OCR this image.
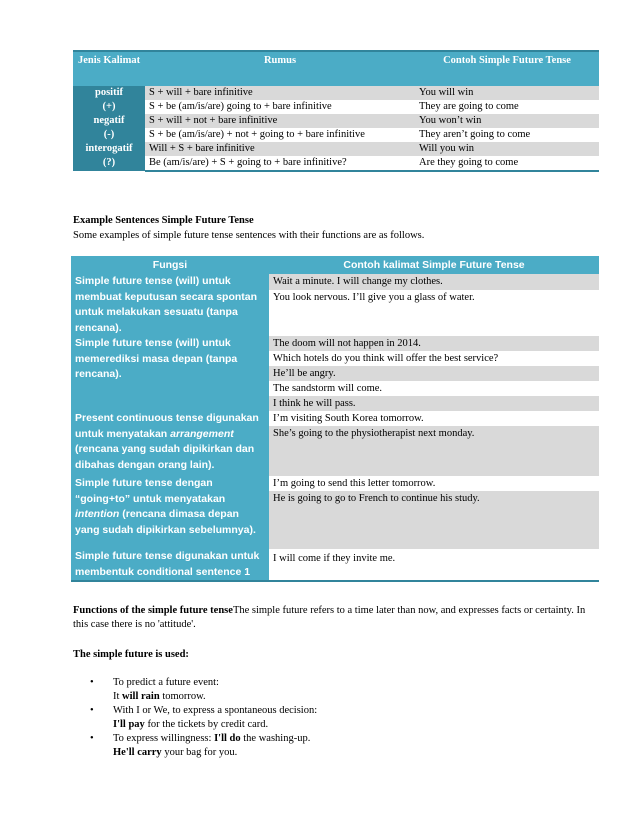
Jenis Kalimat	Rumus	Contoh Simple Future Tense
positif
(+)	S + will + bare infinitive	You will win
	S + be (am/is/are) going to + bare infinitive	They are going to come
negatif
(-)	S + will + not + bare infinitive	You won’t win
	S + be (am/is/are) + not + going to + bare infinitive	They aren’t going to come
interogatif
(?)	Will + S + bare infinitive	Will you win
	Be (am/is/are) + S + going to + bare infinitive?	Are they going to come
Example Sentences Simple Future Tense
Some examples of simple future tense sentences with their functions are as follows.
Fungsi	Contoh kalimat Simple Future Tense
Simple future tense (will) untuk membuat keputusan secara spontan untuk melakukan sesuatu (tanpa rencana).	Wait a minute. I will change my clothes.
	You look nervous. I’ll give you a glass of water.
Simple future tense (will) untuk memerediksi masa depan (tanpa rencana).	The doom will not happen in 2014.
	Which hotels do you think will offer the best service?
	He’ll be angry.
	The sandstorm will come.
	I think he will pass.
Present continuous tense digunakan untuk menyatakan arrangement (rencana yang sudah dipikirkan dan dibahas dengan orang lain).	I’m visiting South Korea tomorrow.
	She’s going to the physiotherapist next monday.
Simple future tense dengan “going+to” untuk menyatakan intention (rencana dimasa depan yang sudah dipikirkan sebelumnya).	I’m going to send this letter tomorrow.
	He is going to go to French to continue his study.
Simple future tense digunakan untuk membentuk conditional sentence 1	I will come if they invite me.
Functions of the simple future tenseThe simple future refers to a time later than now, and expresses facts or certainty. In this case there is no 'attitude'.
The simple future is used:
• To predict a future event:
It will rain tomorrow.
• With I or We, to express a spontaneous decision:
I'll pay for the tickets by credit card.
• To express willingness: I'll do the washing-up.
He'll carry your bag for you.
